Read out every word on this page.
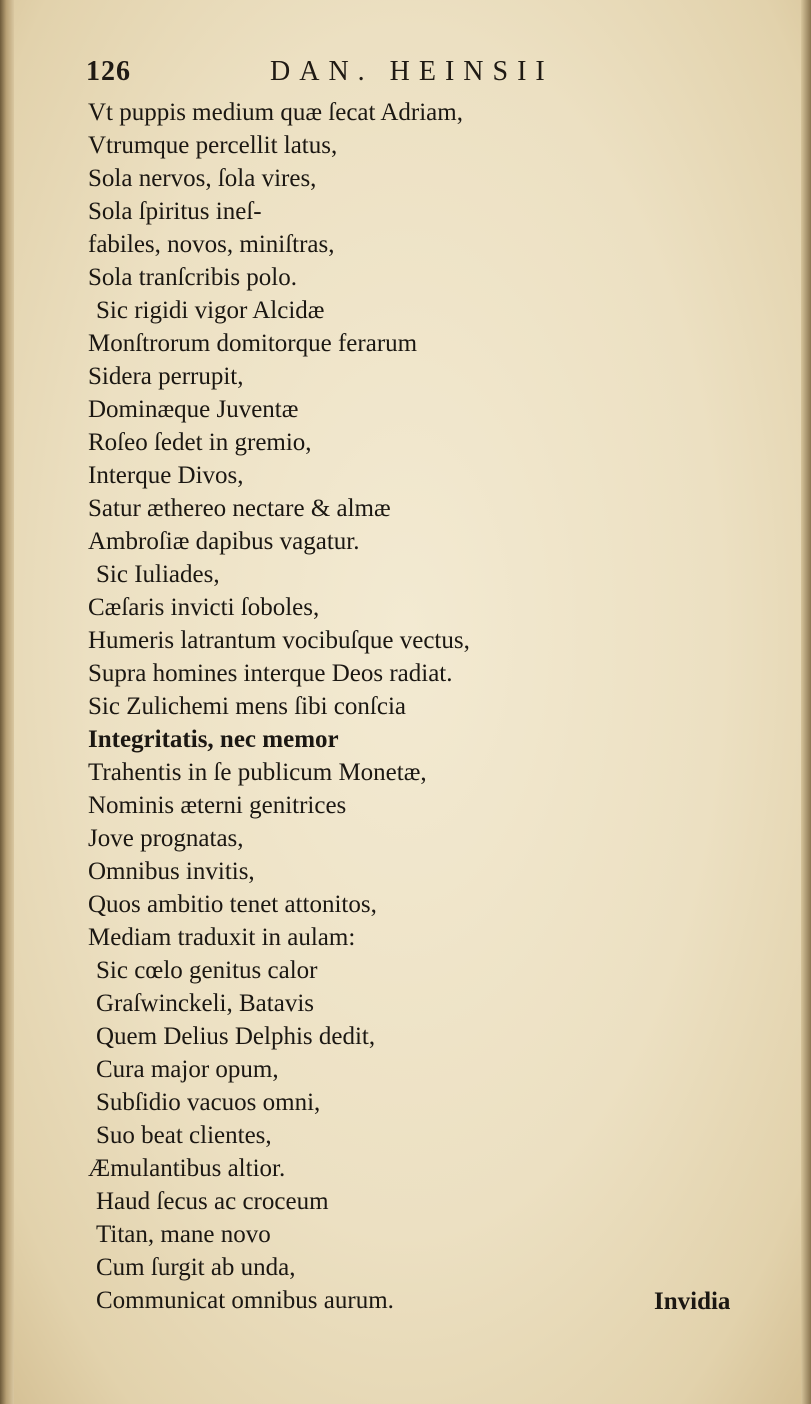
126	DAN. HEINSII
Vt puppis medium quæ ſecat Adriam,
Vtrumque percellit latus,
Sola nervos, ſola vires,
Sola ſpiritus ineſ-
fabiles, novos, miniſtras,
Sola tranſcribis polo.
Sic rigidi vigor Alcidæ
Monſtrorum domitorque ferarum
Sidera perrupit,
Dominæque Juventæ
Roſeo ſedet in gremio,
Interque Divos,
Satur æthereo nectare & almæ
Ambroſiæ dapibus vagatur.
Sic Iuliades,
Cæſaris invicti ſoboles,
Humeris latrantum vocibuſque vectus,
Supra homines interque Deos radiat.
Sic Zulichemi mens ſibi conſcia
Integritatis, nec memor
Trahentis in ſe publicum Monetæ,
Nominis æterni genitrices
Jove prognatas,
Omnibus invitis,
Quos ambitio tenet attonitos,
Mediam traduxit in aulam:
Sic cœlo genitus calor
Graſwinckeli, Batavis
Quem Delius Delphis dedit,
Cura major opum,
Subſidio vacuos omni,
Suo beat clientes,
Æmulantibus altior.
Haud ſecus ac croceum
Titan, mane novo
Cum ſurgit ab unda,
Communicat omnibus aurum.	Invidia
